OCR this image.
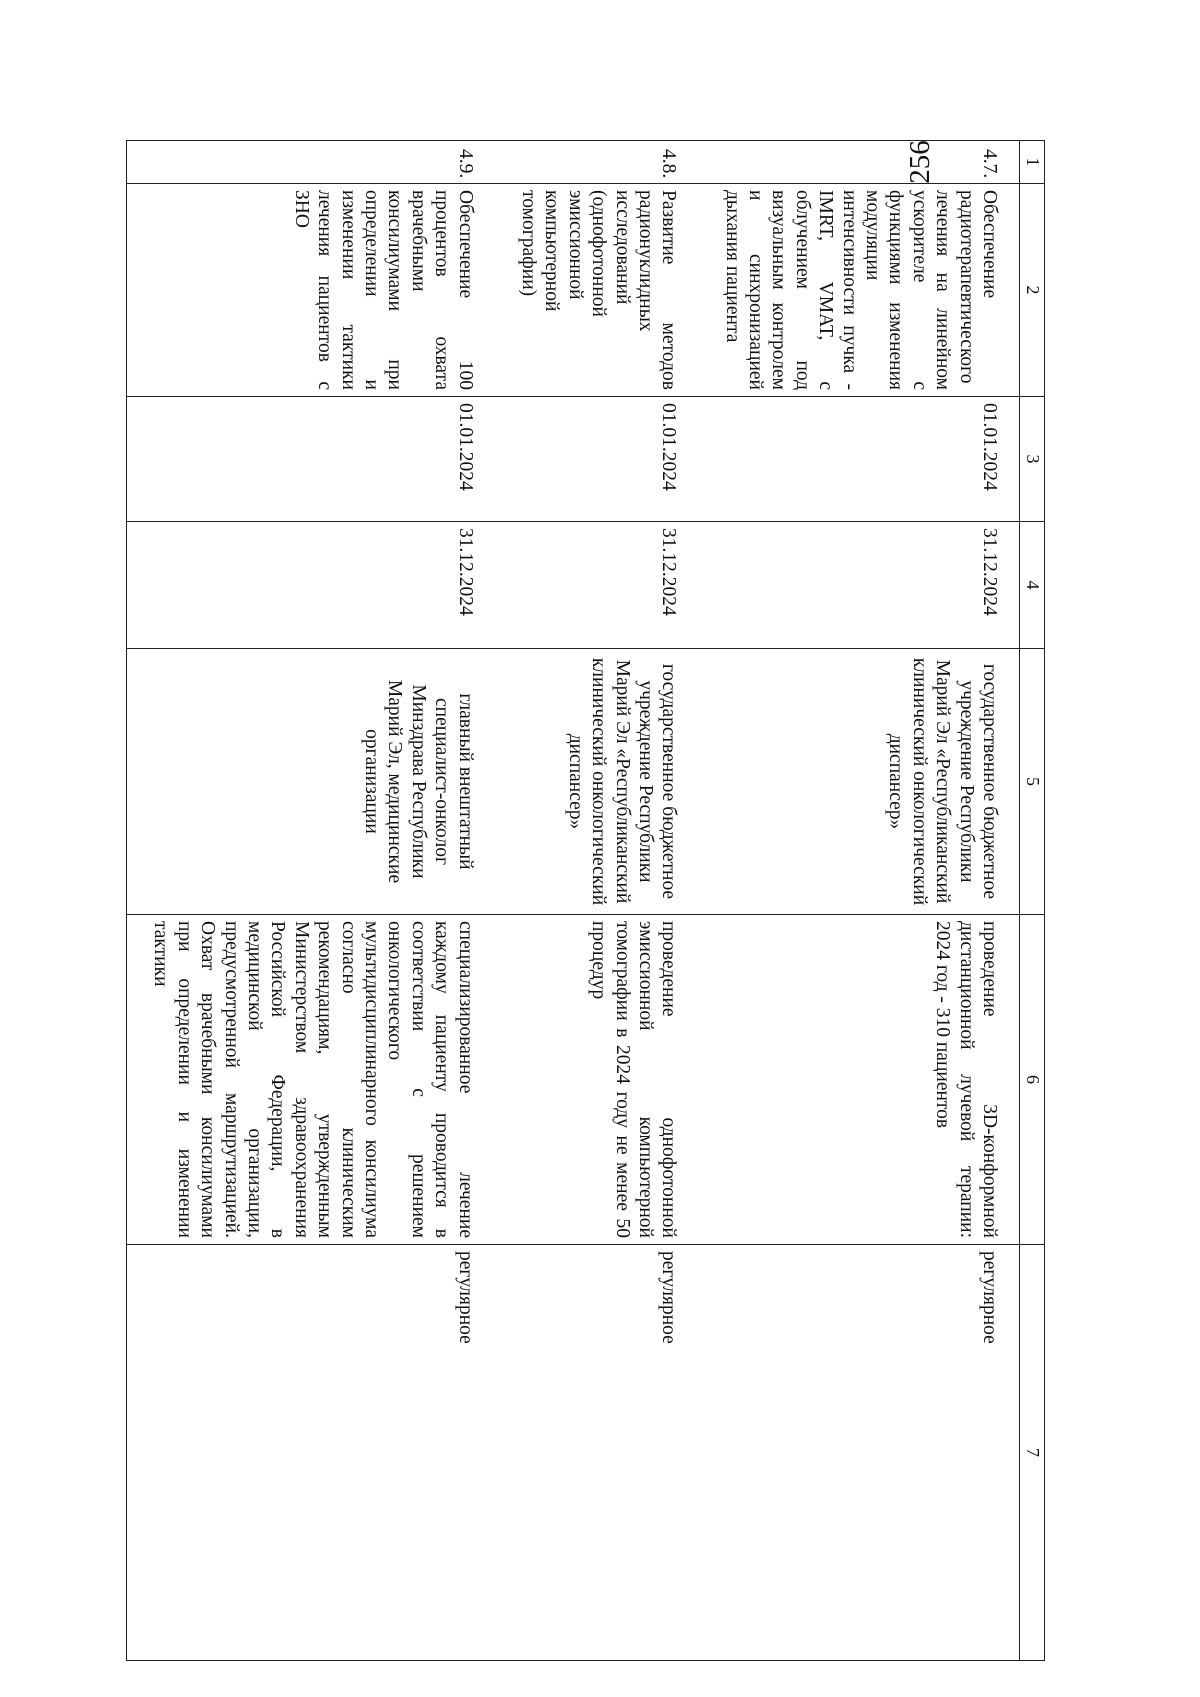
256	1	2	3	4	5	6	7
4.7.	Обеспечение радиотерапевтического лечения на линейном ускорителе с функциями изменения модуляции интенсивности пучка - IMRT, VMAT, с облучением под визуальным контролем и синхронизацией дыхания пациента	01.01.2024	31.12.2024	государственное бюджетное учреждение Республики Марий Эл «Республиканский клинический онкологический диспансер»	проведение 3D-конформной дистанционной лучевой терапии: 2024 год - 310 пациентов	регулярное
4.8.	Развитие методов радионуклидных исследований (однофотонной эмиссионной компьютерной томографии)	01.01.2024	31.12.2024	государственное бюджетное учреждение Республики Марий Эл «Республиканский клинический онкологический диспансер»	проведение однофотонной эмиссионной компьютерной томографии в 2024 году не менее 50 процедур	регулярное
4.9.	Обеспечение 100 процентов охвата врачебными консилиумами при определении и изменении тактики лечения пациентов с ЗНО	01.01.2024	31.12.2024	главный внештатный специалист-онколог Минздрава Республики Марий Эл, медицинские организации	специализированное лечение каждому пациенту проводится в соответствии с решением онкологического мультидисциплинарного консилиума согласно клиническим рекомендациям, утвержденным Министерством здравоохранения Российской Федерации, в медицинской организации, предусмотренной маршрутизацией. Охват врачебными консилиумами при определении и изменении тактики	регулярное
